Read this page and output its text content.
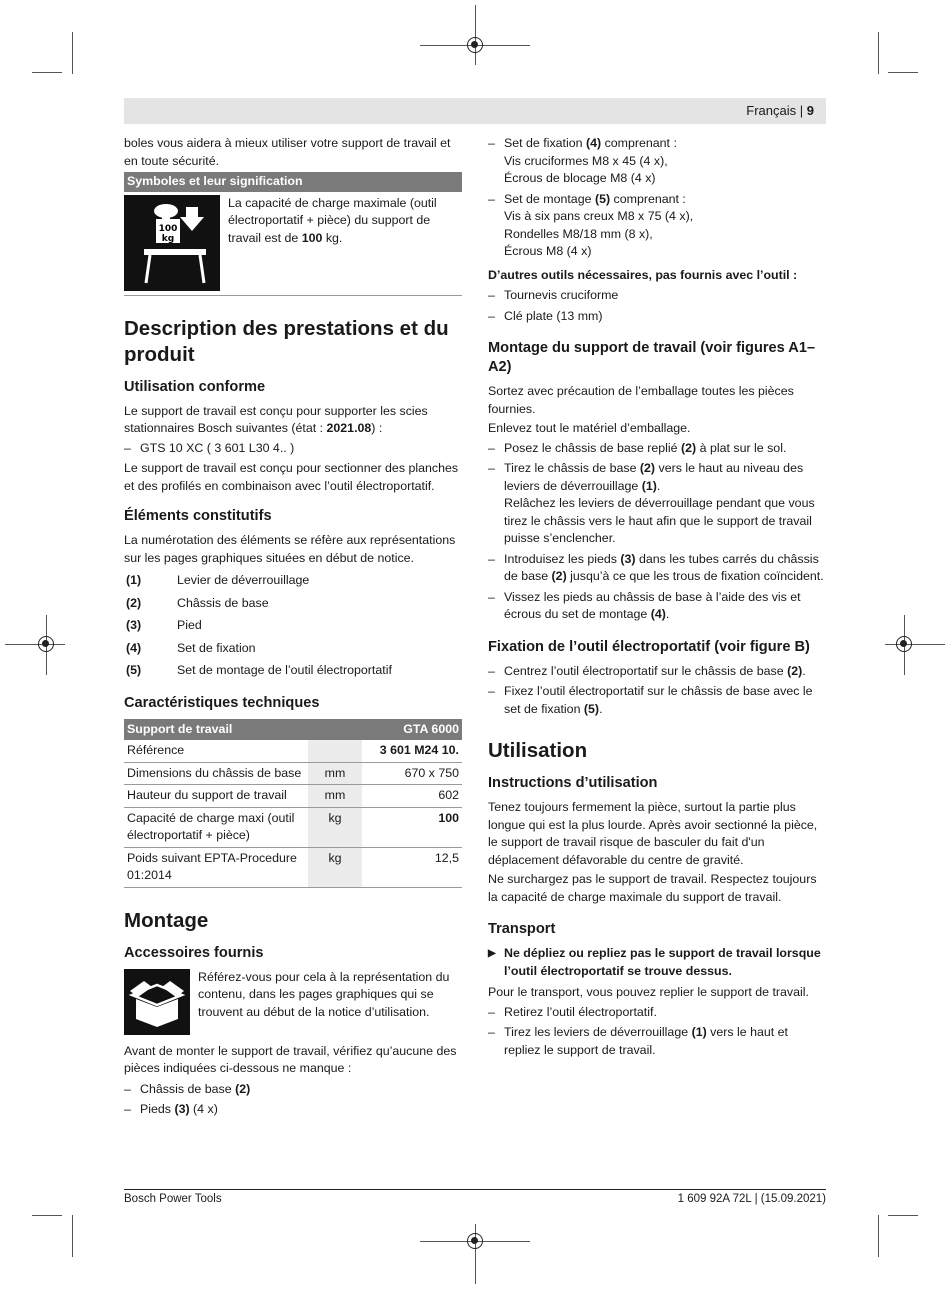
Français | 9

boles vous aidera à mieux utiliser votre support de travail et en toute sécurité.

Symboles et leur signification
100
kg
La capacité de charge maximale (outil électroportatif + pièce) du support de travail est de 100 kg.
Description des prestations et du produit
Utilisation conforme

Le support de travail est conçu pour supporter les scies stationnaires Bosch suivantes (état : 2021.08) :

– GTS 10 XC ( 3 601 L30 4.. )

Le support de travail est conçu pour sectionner des planches et des profilés en combinaison avec l’outil électroportatif.

Éléments constitutifs

La numérotation des éléments se réfère aux représentations sur les pages graphiques situées en début de notice.

(1)	Levier de déverrouillage
(2)	Châssis de base
(3)	Pied
(4)	Set de fixation
(5)	Set de montage de l’outil électroportatif
Caractéristiques techniques
Support de travail		GTA 6000
Référence		3 601 M24 10.
Dimensions du châssis de base	mm	670 x 750
Hauteur du support de travail	mm	602
Capacité de charge maxi (outil électroportatif + pièce)	kg	100
Poids suivant EPTA-Procedure 01:2014	kg	12,5
Montage
Accessoires fournis
Référez-vous pour cela à la représentation du contenu, dans les pages graphiques qui se trouvent au début de la notice d’utilisation.

Avant de monter le support de travail, vérifiez qu’aucune des pièces indiquées ci-dessous ne manque :

– Châssis de base (2)
– Pieds (3) (4 x)
– Set de fixation (4) comprenant :
Vis cruciformes M8 x 45 (4 x),
Écrous de blocage M8 (4 x)
– Set de montage (5) comprenant :
Vis à six pans creux M8 x 75 (4 x),
Rondelles M8/18 mm (8 x),
Écrous M8 (4 x)

D’autres outils nécessaires, pas fournis avec l’outil :

– Tournevis cruciforme
– Clé plate (13 mm)
Montage du support de travail (voir figures A1–A2)

Sortez avec précaution de l’emballage toutes les pièces fournies.

Enlevez tout le matériel d’emballage.

– Posez le châssis de base replié (2) à plat sur le sol.
– Tirez le châssis de base (2) vers le haut au niveau des leviers de déverrouillage (1).
Relâchez les leviers de déverrouillage pendant que vous tirez le châssis vers le haut afin que le support de travail puisse s’enclencher.
– Introduisez les pieds (3) dans les tubes carrés du châssis de base (2) jusqu’à ce que les trous de fixation coïncident.
– Vissez les pieds au châssis de base à l’aide des vis et écrous du set de montage (4).
Fixation de l’outil électroportatif (voir figure B)
– Centrez l’outil électroportatif sur le châssis de base (2).
– Fixez l’outil électroportatif sur le châssis de base avec le set de fixation (5).
Utilisation
Instructions d’utilisation

Tenez toujours fermement la pièce, surtout la partie plus longue qui est la plus lourde. Après avoir sectionné la pièce, le support de travail risque de basculer du fait d'un déplacement défavorable du centre de gravité.

Ne surchargez pas le support de travail. Respectez toujours la capacité de charge maximale du support de travail.

Transport
▶ Ne dépliez ou repliez pas le support de travail lorsque l’outil électroportatif se trouve dessus.

Pour le transport, vous pouvez replier le support de travail.

– Retirez l’outil électroportatif.
– Tirez les leviers de déverrouillage (1) vers le haut et repliez le support de travail.
Bosch Power Tools	1 609 92A 72L | (15.09.2021)
